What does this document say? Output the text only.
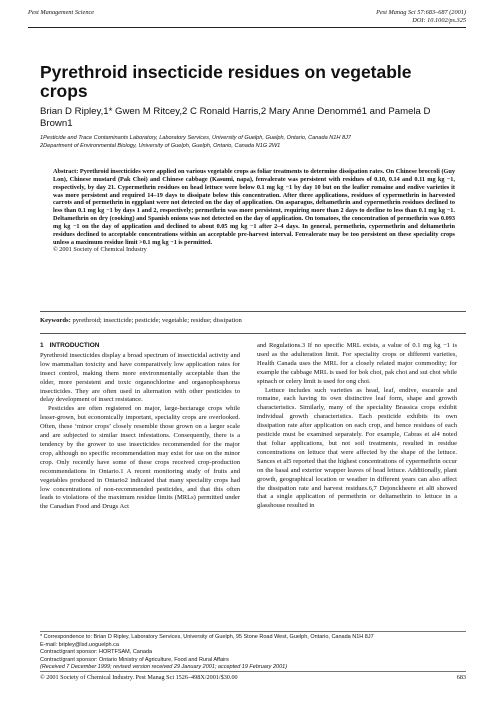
Pest Management Science	Pest Manag Sci 57:683–687 (2001)
DOI: 10.1002/ps.325
Pyrethroid insecticide residues on vegetable crops
Brian D Ripley,1* Gwen M Ritcey,2 C Ronald Harris,2 Mary Anne Denommé1 and Pamela D Brown1
1Pesticide and Trace Contaminants Laboratory, Laboratory Services, University of Guelph, Guelph, Ontario, Canada N1H 8J7
2Department of Environmental Biology, University of Guelph, Guelph, Ontario, Canada N1G 2W1
Abstract: Pyrethroid insecticides were applied on various vegetable crops as foliar treatments to determine dissipation rates. On Chinese broccoli (Guy Lon), Chinese mustard (Pak Choi) and Chinese cabbage (Kasumi, napa), fenvalerate was persistent with residues of 0.10, 0.14 and 0.11 mg kg −1, respectively, by day 21. Cypermethrin residues on head lettuce were below 0.1 mg kg −1 by day 10 but on the leafier romaine and endive varieties it was more persistent and required 14–19 days to dissipate below this concentration. After three applications, residues of cypermethrin in harvested carrots and of permethrin in eggplant were not detected on the day of application. On asparagus, deltamethrin and cypermethrin residues declined to less than 0.1 mg kg −1 by days 1 and 2, respectively; permethrin was more persistent, requiring more than 2 days to decline to less than 0.1 mg kg −1. Deltamethrin on dry (cooking) and Spanish onions was not detected on the day of application. On tomatoes, the concentration of permethrin was 0.093 mg kg −1 on the day of application and declined to about 0.05 mg kg −1 after 2–4 days. In general, permethrin, cypermethrin and deltamethrin residues declined to acceptable concentrations within an acceptable pre-harvest interval. Fenvalerate may be too persistent on these speciality crops unless a maximum residue limit >0.1 mg kg −1 is permitted.
© 2001 Society of Chemical Industry
Keywords: pyrethroid; insecticide; pesticide; vegetable; residue; dissipation
1 INTRODUCTION

Pyrethroid insecticides display a broad spectrum of insecticidal activity and low mammalian toxicity and have comparatively low application rates for insect control, making them more environmentally acceptable than the older, more persistent and toxic organochlorine and organophosphorus insecticides. They are often used in alternation with other pesticides to delay development of insect resistance.

Pesticides are often registered on major, large-hectarage crops while lesser-grown, but economically important, speciality crops are overlooked. Often, these ‘minor crops’ closely resemble those grown on a larger scale and are subjected to similar insect infestations. Consequently, there is a tendency by the grower to use insecticides recommended for the major crop, although no specific recommendation may exist for use on the minor crop. Only recently have some of these crops received crop-production recommendations in Ontario.1 A recent monitoring study of fruits and vegetables produced in Ontario2 indicated that many speciality crops had low concentrations of non-recommended pesticides, and that this often leads to violations of the maximum residue limits (MRLs) permitted under the Canadian Food and Drugs Act

and Regulations.3 If no specific MRL exists, a value of 0.1 mg kg −1 is used as the adulteration limit. For speciality crops or different varieties, Health Canada uses the MRL for a closely related major commodity; for example the cabbage MRL is used for bok choi, pak choi and sui choi while spinach or celery limit is used for ong choi.

Lettuce includes such varieties as head, leaf, endive, escarole and romaine, each having its own distinctive leaf form, shape and growth characteristics. Similarly, many of the speciality Brassica crops exhibit individual growth characteristics. Each pesticide exhibits its own dissipation rate after application on each crop, and hence residues of each pesticide must be examined separately. For example, Cabras et al4 noted that foliar applications, but not soil treatments, resulted in residue concentrations on lettuce that were affected by the shape of the lettuce. Sances et al5 reported that the highest concentrations of cypermethrin occur on the basal and exterior wrapper leaves of head lettuce. Additionally, plant growth, geographical location or weather in different years can also affect the dissipation rate and harvest residues.6,7 Dejonckheere et al8 showed that a single application of permethrin or deltamethrin to lettuce in a glasshouse resulted in

* Correspondence to: Brian D Ripley, Laboratory Services, University of Guelph, 95 Stone Road West, Guelph, Ontario, Canada N1H 8J7
E-mail: bripley@lsd.uoguelph.ca
Contract/grant sponsor: HORTFSAM, Canada
Contract/grant sponsor: Ontario Ministry of Agriculture, Food and Rural Affairs
(Received 7 December 1999; revised version received 29 January 2001; accepted 19 February 2001)
© 2001 Society of Chemical Industry. Pest Manag Sci 1526–498X/2001/$30.00	683
